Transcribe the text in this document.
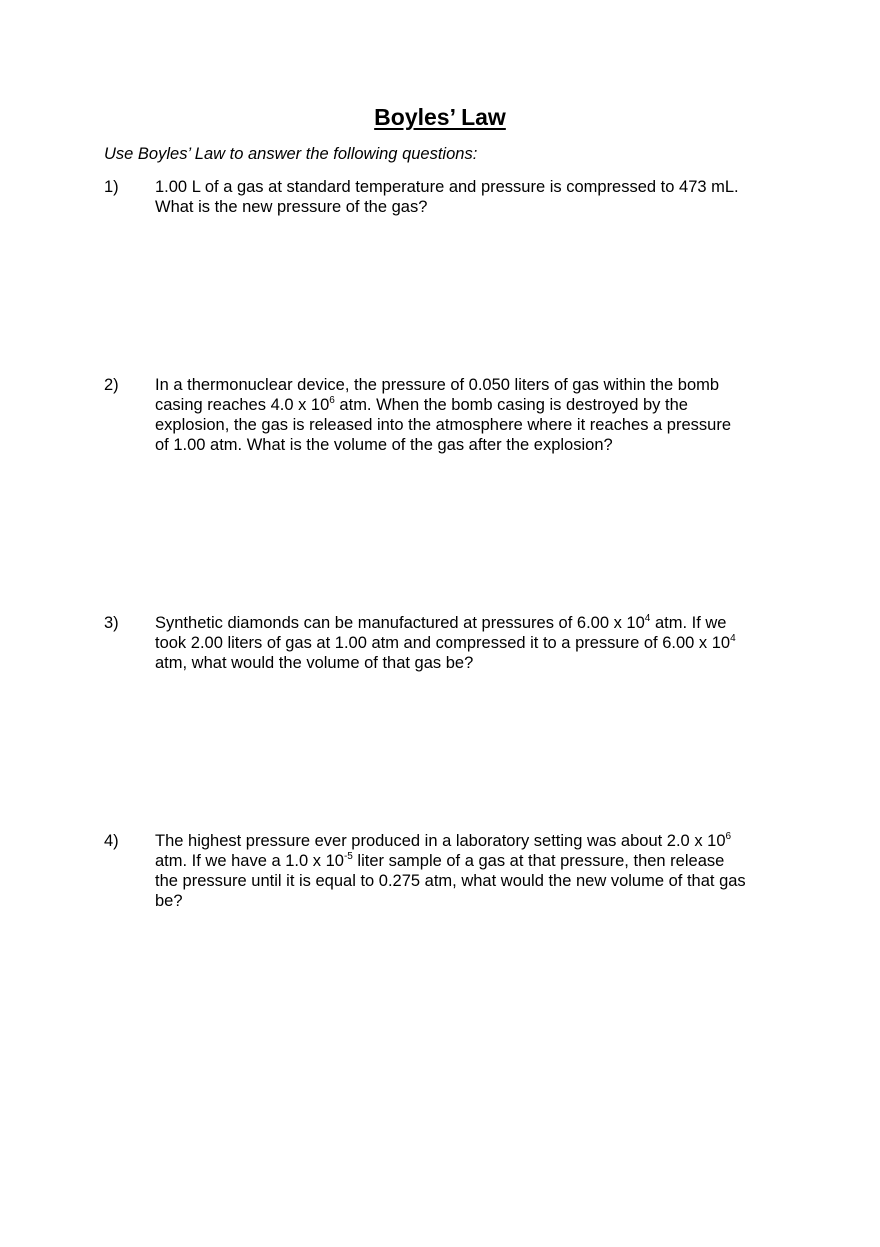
Boyles’ Law
Use Boyles’ Law to answer the following questions:
1) 1.00 L of a gas at standard temperature and pressure is compressed to 473 mL.
What is the new pressure of the gas?
2) In a thermonuclear device, the pressure of 0.050 liters of gas within the bomb
casing reaches 4.0 x $10^6$ atm. When the bomb casing is destroyed by the
explosion, the gas is released into the atmosphere where it reaches a pressure
of 1.00 atm. What is the volume of the gas after the explosion?
3) Synthetic diamonds can be manufactured at pressures of 6.00 x $10^4$ atm. If we
took 2.00 liters of gas at 1.00 atm and compressed it to a pressure of 6.00 x $10^4$
atm, what would the volume of that gas be?
4) The highest pressure ever produced in a laboratory setting was about 2.0 x $10^6$
atm. If we have a 1.0 x $10^{-5}$ liter sample of a gas at that pressure, then release
the pressure until it is equal to 0.275 atm, what would the new volume of that gas
be?
